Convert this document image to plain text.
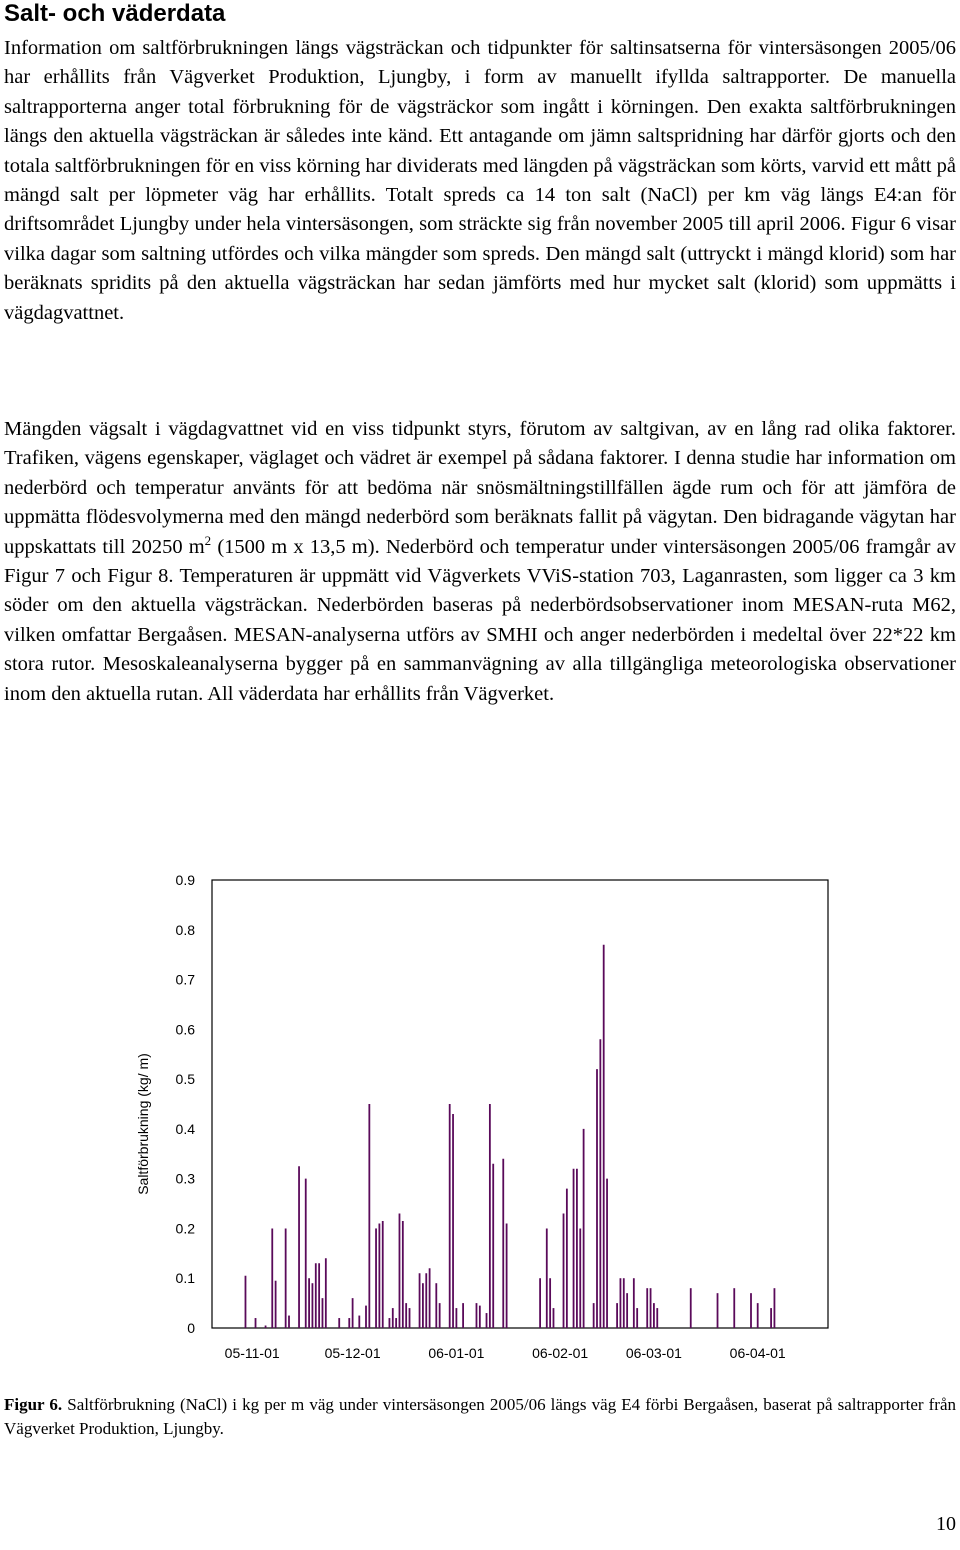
Salt- och väderdata

Information om saltförbrukningen längs vägsträckan och tidpunkter för saltinsatserna för vintersäsongen 2005/06 har erhållits från Vägverket Produktion, Ljungby, i form av manuellt ifyllda saltrapporter. De manuella saltrapporterna anger total förbrukning för de vägsträckor som ingått i körningen. Den exakta saltförbrukningen längs den aktuella vägsträckan är således inte känd. Ett antagande om jämn saltspridning har därför gjorts och den totala saltförbrukningen för en viss körning har dividerats med längden på vägsträckan som körts, varvid ett mått på mängd salt per löpmeter väg har erhållits. Totalt spreds ca 14 ton salt (NaCl) per km väg längs E4:an för driftsområdet Ljungby under hela vintersäsongen, som sträckte sig från november 2005 till april 2006. Figur 6 visar vilka dagar som saltning utfördes och vilka mängder som spreds. Den mängd salt (uttryckt i mängd klorid) som har beräknats spridits på den aktuella vägsträckan har sedan jämförts med hur mycket salt (klorid) som uppmätts i vägdagvattnet.

Mängden vägsalt i vägdagvattnet vid en viss tidpunkt styrs, förutom av saltgivan, av en lång rad olika faktorer. Trafiken, vägens egenskaper, väglaget och vädret är exempel på sådana faktorer. I denna studie har information om nederbörd och temperatur använts för att bedöma när snösmältningstillfällen ägde rum och för att jämföra de uppmätta flödesvolymerna med den mängd nederbörd som beräknats fallit på vägytan. Den bidragande vägytan har uppskattats till 20250 $m^2$ (1500 m x 13,5 m). Nederbörd och temperatur under vintersäsongen 2005/06 framgår av Figur 7 och Figur 8. Temperaturen är uppmätt vid Vägverkets VViS-station 703, Laganrasten, som ligger ca 3 km söder om den aktuella vägsträckan. Nederbörden baseras på nederbördsobservationer inom MESAN-ruta M62, vilken omfattar Bergaåsen. MESAN-analyserna utförs av SMHI och anger nederbörden i medeltal över 22*22 km stora rutor. Mesoskaleanalyserna bygger på en sammanvägning av alla tillgängliga meteorologiska observationer inom den aktuella rutan. All väderdata har erhållits från Vägverket.

0
0.1
0.2
0.3
0.4
0.5
0.6
0.7
0.8
0.9
05-11-01	05-12-01	06-01-01	06-02-01	06-03-01	06-04-01
Saltförbrukning (kg/ m)

Figur 6. Saltförbrukning (NaCl) i kg per m väg under vintersäsongen 2005/06 längs väg E4 förbi Bergaåsen, baserat på saltrapporter från Vägverket Produktion, Ljungby.

10
